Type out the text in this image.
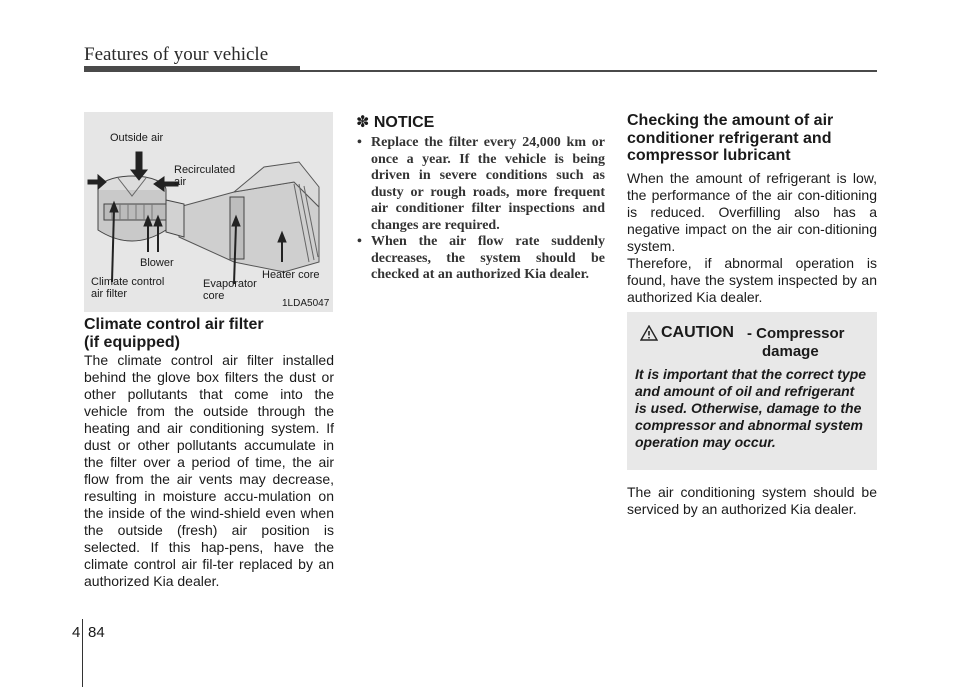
Features of your vehicle
Outside air
Recirculated
air
Blower
Climate control
air filter
Evaporator
core
Heater core
1LDA5047
Climate control air filter
(if equipped)
The climate control air filter installed behind the glove box filters the dust or other pollutants that come into the vehicle from the outside through the heating and air conditioning system. If dust or other pollutants accumulate in the filter over a period of time, the air flow from the air vents may decrease, resulting in moisture accu-mulation on the inside of the wind-shield even when the outside (fresh) air position is selected. If this hap-pens, have the climate control air fil-ter replaced by an authorized Kia dealer.
✽ NOTICE
• Replace the filter every 24,000 km or once a year. If the vehicle is being driven in severe conditions such as dusty or rough roads, more frequent air conditioner filter inspections and changes are required.
• When the air flow rate suddenly decreases, the system should be checked at an authorized Kia dealer.
Checking the amount of air
conditioner refrigerant and
compressor lubricant

When the amount of refrigerant is low, the performance of the air con-ditioning is reduced. Overfilling also has a negative impact on the air con-ditioning system.

Therefore, if abnormal operation is found, have the system inspected by an authorized Kia dealer.

CAUTION - Compressor
damage
It is important that the correct type and amount of oil and refrigerant is used. Otherwise, damage to the compressor and abnormal system operation may occur.

The air conditioning system should be serviced by an authorized Kia dealer.

4 84
